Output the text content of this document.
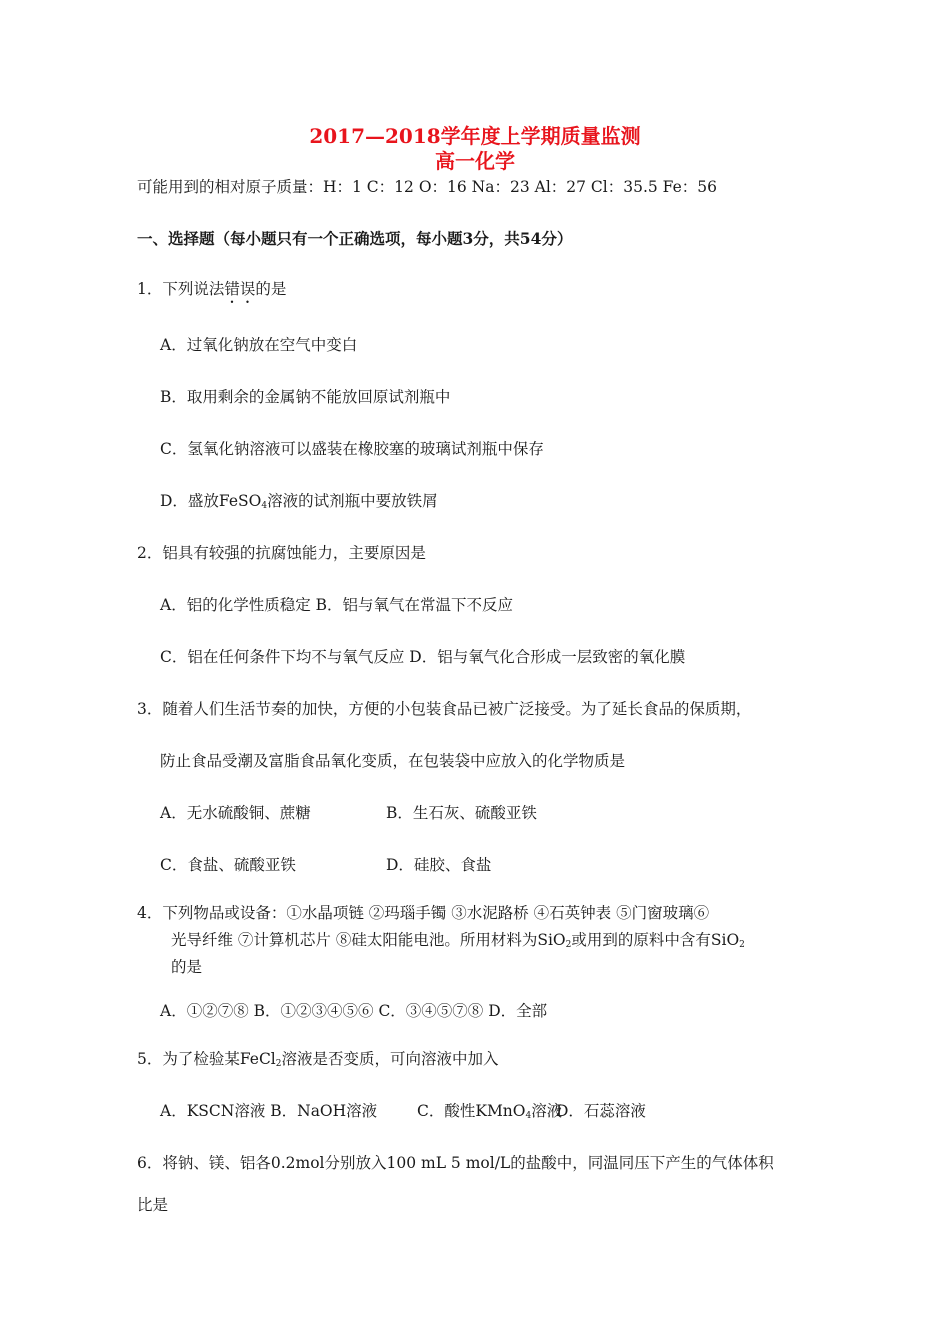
2017—2018学年度上学期质量监测
高一化学
可能用到的相对原子质量：H：1 C：12 O：16 Na：23 Al：27 Cl：35.5 Fe：56
一、选择题（每小题只有一个正确选项，每小题3分，共54分）
1．下列说法错误的是
A．过氧化钠放在空气中变白
B．取用剩余的金属钠不能放回原试剂瓶中
C．氢氧化钠溶液可以盛装在橡胶塞的玻璃试剂瓶中保存
D．盛放FeSO$_4$溶液的试剂瓶中要放铁屑
2．铝具有较强的抗腐蚀能力，主要原因是
A．铝的化学性质稳定 B．铝与氧气在常温下不反应
C．铝在任何条件下均不与氧气反应 D．铝与氧气化合形成一层致密的氧化膜
3．随着人们生活节奏的加快，方便的小包装食品已被广泛接受。为了延长食品的保质期，
防止食品受潮及富脂食品氧化变质，在包装袋中应放入的化学物质是
A．无水硫酸铜、蔗糖	B．生石灰、硫酸亚铁
C．食盐、硫酸亚铁	D．硅胶、食盐
4．下列物品或设备：①水晶项链 ②玛瑙手镯 ③水泥路桥 ④石英钟表 ⑤门窗玻璃⑥
光导纤维 ⑦计算机芯片 ⑧硅太阳能电池。所用材料为SiO$_2$或用到的原料中含有SiO$_2$
的是
A．①②⑦⑧ B．①②③④⑤⑥ C．③④⑤⑦⑧ D．全部
5．为了检验某FeCl$_2$溶液是否变质，可向溶液中加入
A．KSCN溶液 B．NaOH溶液	C．酸性KMnO$_4$溶液
D．石蕊溶液
6．将钠、镁、铝各0.2mol分别放入100 mL 5 mol/L的盐酸中，同温同压下产生的气体体积
比是
